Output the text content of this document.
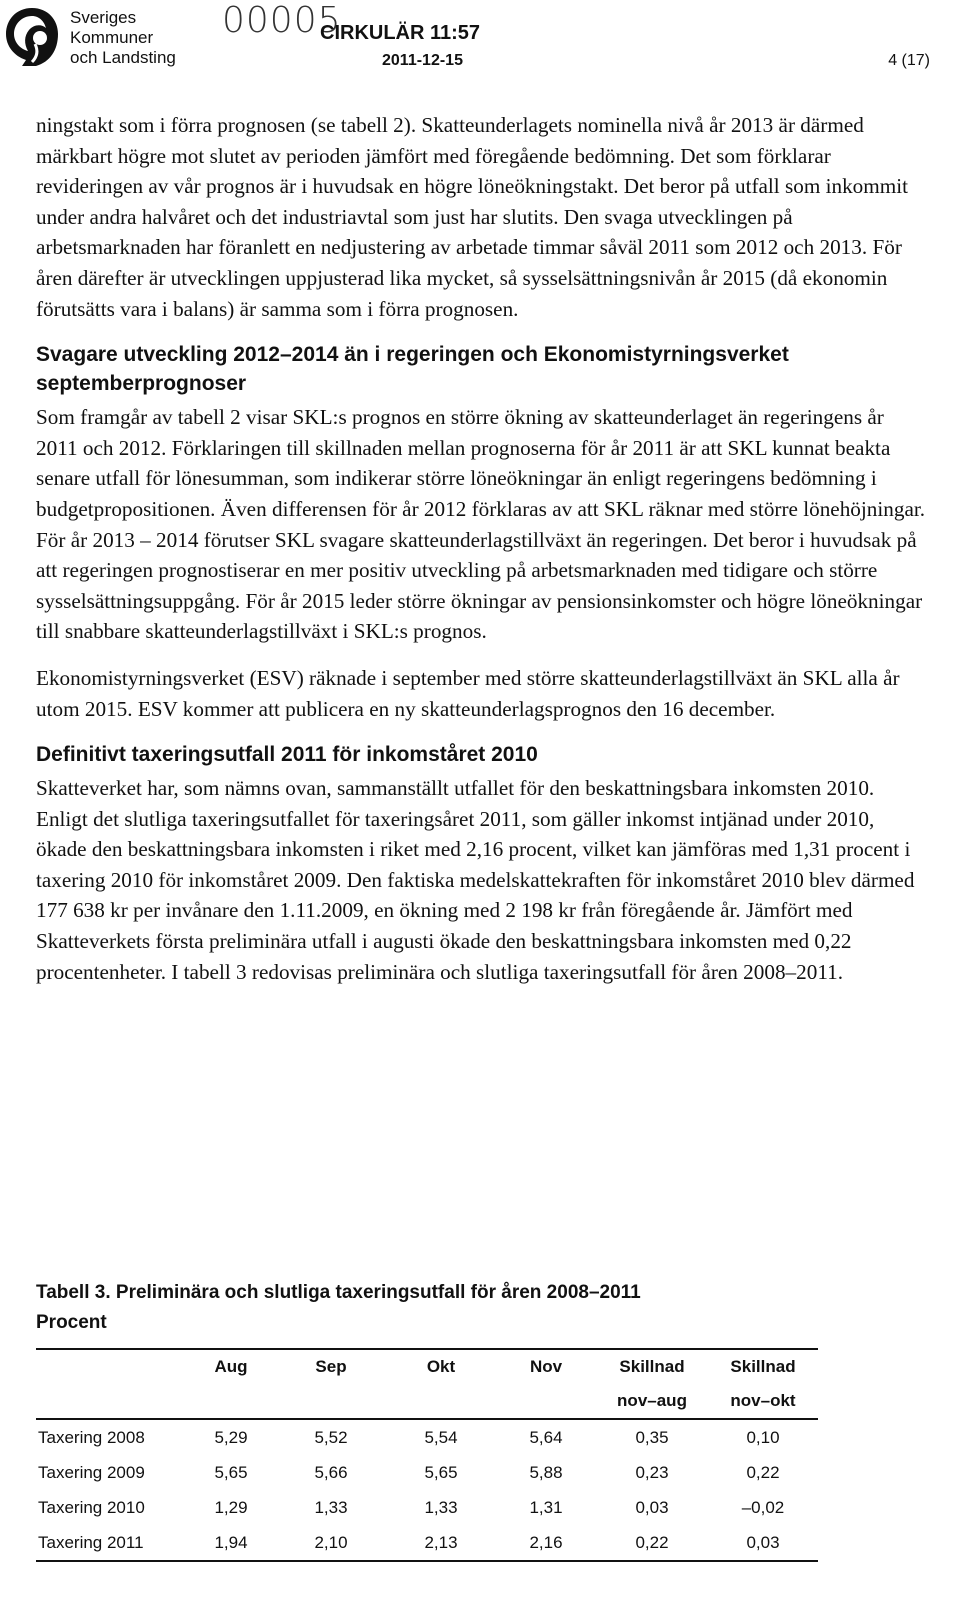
Sveriges
Kommuner
och Landsting
00005
CIRKULÄR 11:57
2011-12-15	4 (17)

ningstakt som i förra prognosen (se tabell 2). Skatteunderlagets nominella nivå år 2013 är därmed märkbart högre mot slutet av perioden jämfört med föregående bedömning. Det som förklarar revideringen av vår prognos är i huvudsak en högre löneökningstakt. Det beror på utfall som inkommit under andra halvåret och det industriavtal som just har slutits. Den svaga utvecklingen på arbetsmarknaden har föranlett en nedjustering av arbetade timmar såväl 2011 som 2012 och 2013. För åren därefter är utvecklingen uppjusterad lika mycket, så sysselsättningsnivån år 2015 (då ekonomin förutsätts vara i balans) är samma som i förra prognosen.

Svagare utveckling 2012–2014 än i regeringen och Ekonomistyrningsverket septemberprognoser

Som framgår av tabell 2 visar SKL:s prognos en större ökning av skatteunderlaget än regeringens år 2011 och 2012. Förklaringen till skillnaden mellan prognoserna för år 2011 är att SKL kunnat beakta senare utfall för lönesumman, som indikerar större löneökningar än enligt regeringens bedömning i budgetpropositionen. Även differensen för år 2012 förklaras av att SKL räknar med större lönehöjningar. För år 2013 – 2014 förutser SKL svagare skatteunderlagstillväxt än regeringen. Det beror i huvudsak på att regeringen prognostiserar en mer positiv utveckling på arbetsmarknaden med tidigare och större sysselsättningsuppgång. För år 2015 leder större ökningar av pensionsinkomster och högre löneökningar till snabbare skatteunderlagstillväxt i SKL:s prognos.

Ekonomistyrningsverket (ESV) räknade i september med större skatteunderlagstillväxt än SKL alla år utom 2015. ESV kommer att publicera en ny skatteunderlagsprognos den 16 december.

Definitivt taxeringsutfall 2011 för inkomståret 2010

Skatteverket har, som nämns ovan, sammanställt utfallet för den beskattningsbara inkomsten 2010. Enligt det slutliga taxeringsutfallet för taxeringsåret 2011, som gäller inkomst intjänad under 2010, ökade den beskattningsbara inkomsten i riket med 2,16 procent, vilket kan jämföras med 1,31 procent i taxering 2010 för inkomståret 2009. Den faktiska medelskattekraften för inkomståret 2010 blev därmed 177 638 kr per invånare den 1.11.2009, en ökning med 2 198 kr från föregående år. Jämfört med Skatteverkets första preliminära utfall i augusti ökade den beskattningsbara inkomsten med 0,22 procentenheter. I tabell 3 redovisas preliminära och slutliga taxeringsutfall för åren 2008–2011.

Tabell 3. Preliminära och slutliga taxeringsutfall för åren 2008–2011
Procent
	Aug	Sep	Okt	Nov	Skillnad	Skillnad
					nov–aug	nov–okt
Taxering 2008	5,29	5,52	5,54	5,64	0,35	0,10
Taxering 2009	5,65	5,66	5,65	5,88	0,23	0,22
Taxering 2010	1,29	1,33	1,33	1,31	0,03	–0,02
Taxering 2011	1,94	2,10	2,13	2,16	0,22	0,03
